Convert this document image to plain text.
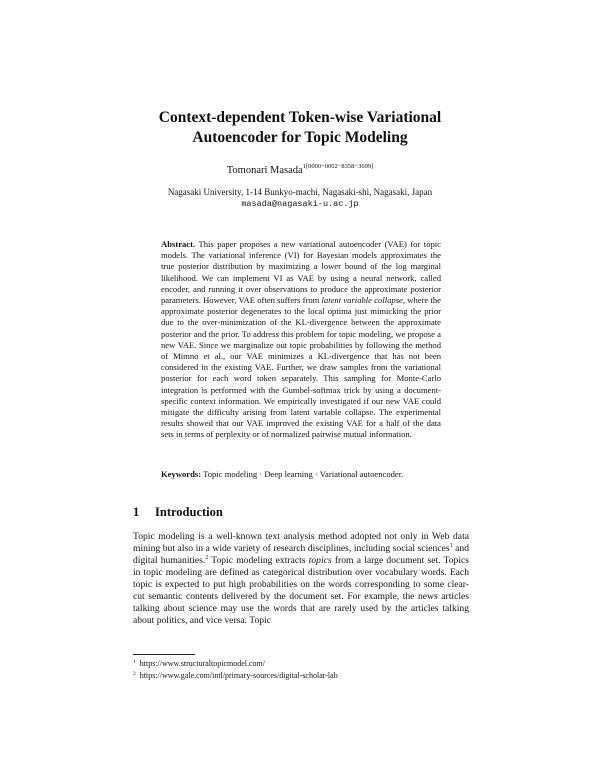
Context-dependent Token-wise Variational
Autoencoder for Topic Modeling
Tomonari Masada$^{1[0000-0002-8358-3699]}$
Nagasaki University, 1-14 Bunkyo-machi, Nagasaki-shi, Nagasaki, Japan
masada@nagasaki-u.ac.jp
Abstract. This paper proposes a new variational autoencoder (VAE) for topic models. The variational inference (VI) for Bayesian models approximates the true posterior distribution by maximizing a lower bound of the log marginal likelihood. We can implement VI as VAE by using a neural network, called encoder, and running it over observations to produce the approximate posterior parameters. However, VAE often suffers from latent variable collapse, where the approximate posterior degenerates to the local optima just mimicking the prior due to the over-minimization of the KL-divergence between the approximate posterior and the prior. To address this problem for topic modeling, we propose a new VAE. Since we marginalize out topic probabilities by following the method of Mimno et al., our VAE minimizes a KL-divergence that has not been considered in the existing VAE. Further, we draw samples from the variational posterior for each word token separately. This sampling for Monte-Carlo integration is performed with the Gumbel-softmax trick by using a document-specific context information. We empirically investigated if our new VAE could mitigate the difficulty arising from latent variable collapse. The experimental results showed that our VAE improved the existing VAE for a half of the data sets in terms of perplexity or of normalized pairwise mutual information.
Keywords: Topic modeling · Deep learning · Variational autoencoder.
1 Introduction
Topic modeling is a well-known text analysis method adopted not only in Web data mining but also in a wide variety of research disciplines, including social sciences$^1$ and digital humanities.$^2$ Topic modeling extracts topics from a large document set. Topics in topic modeling are defined as categorical distribution over vocabulary words. Each topic is expected to put high probabilities on the words corresponding to some clear-cut semantic contents delivered by the document set. For example, the news articles talking about science may use the words that are rarely used by the articles talking about politics, and vice versa. Topic
$^1$ https://www.structuraltopicmodel.com/
$^2$ https://www.gale.com/intl/primary-sources/digital-scholar-lab
